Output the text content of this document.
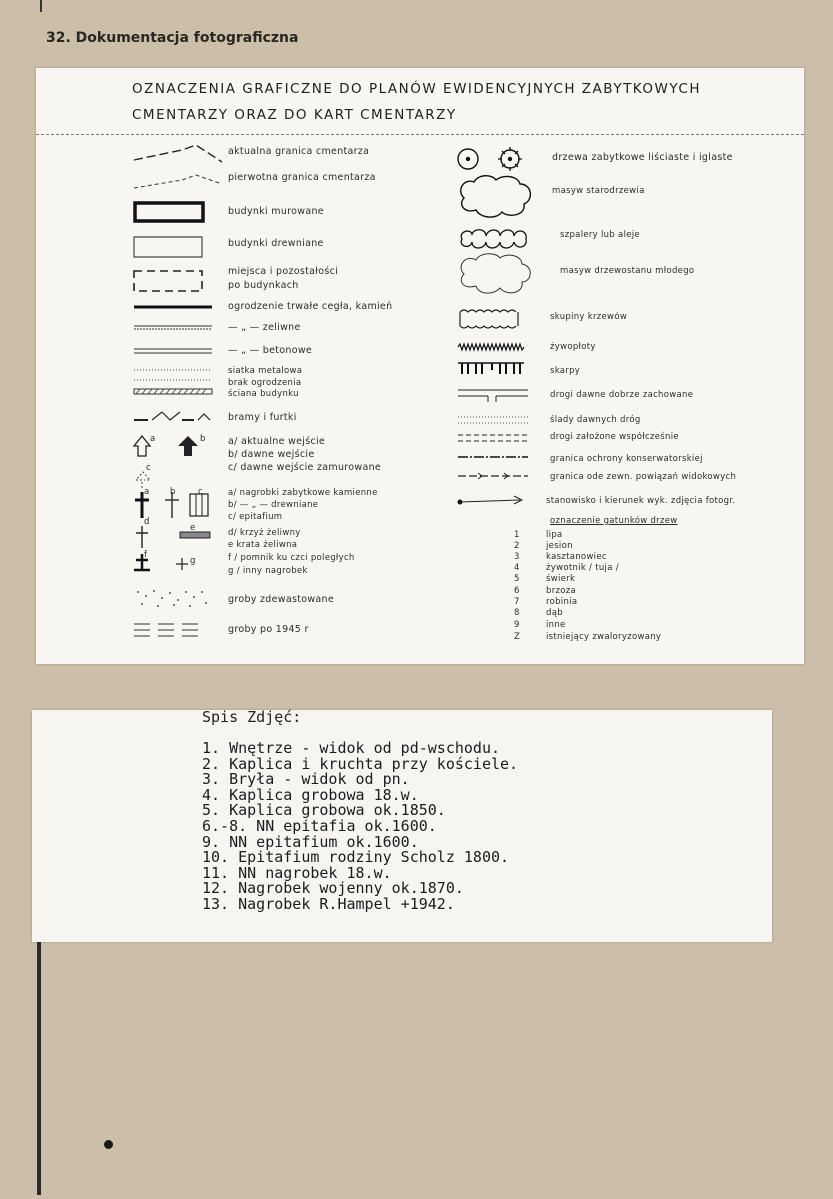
32. Dokumentacja fotograficzna
OZNACZENIA GRAFICZNE DO PLANÓW EWIDENCYJNYCH ZABYTKOWYCH
CMENTARZY ORAZ DO KART CMENTARZY
a	b
c
a b	c
d
e
f
g
aktualna granica cmentarza
pierwotna granica cmentarza
budynki murowane
budynki drewniane
miejsca i pozostałości
po budynkach
ogrodzenie trwałe cegła, kamień
— „ — zeliwne
— „ — betonowe
siatka metalowa
brak ogrodzenia
ściana budynku
bramy i furtki
a/ aktualne wejście
b/ dawne wejście
c/ dawne wejście zamurowane
a/ nagrobki zabytkowe kamienne
b/ — „ — drewniane
c/ epitafium
d/ krzyż żeliwny
e krata żeliwna
f / pomnik ku czci poległych
g / inny nagrobek
groby zdewastowane
groby po 1945 r
drzewa zabytkowe liściaste i iglaste
masyw starodrzewia
szpalery lub aleje
masyw drzewostanu młodego
skupiny krzewów
żywopłoty
skarpy
drogi dawne dobrze zachowane
ślady dawnych dróg
drogi założone współcześnie
granica ochrony konserwatorskiej
granica ode zewn. powiązań widokowych
stanowisko i kierunek wyk. zdjęcia fotogr.
oznaczenie gatunków drzew
1	lipa
2	jesion
3	kasztanowiec
4	żywotnik / tuja /
5	świerk
6	brzoza
7	robinia
8	dąb
9	inne
Z	istniejący zwaloryzowany
Spis Zdjęć:
1. Wnętrze - widok od pd-wschodu.
2. Kaplica i kruchta przy kościele.
3. Bryła - widok od pn.
4. Kaplica grobowa 18.w.
5. Kaplica grobowa ok.1850.
6.-8. NN epitafia ok.1600.
9. NN epitafium ok.1600.
10. Epitafium rodziny Scholz 1800.
11. NN nagrobek 18.w.
12. Nagrobek wojenny ok.1870.
13. Nagrobek R.Hampel +1942.
